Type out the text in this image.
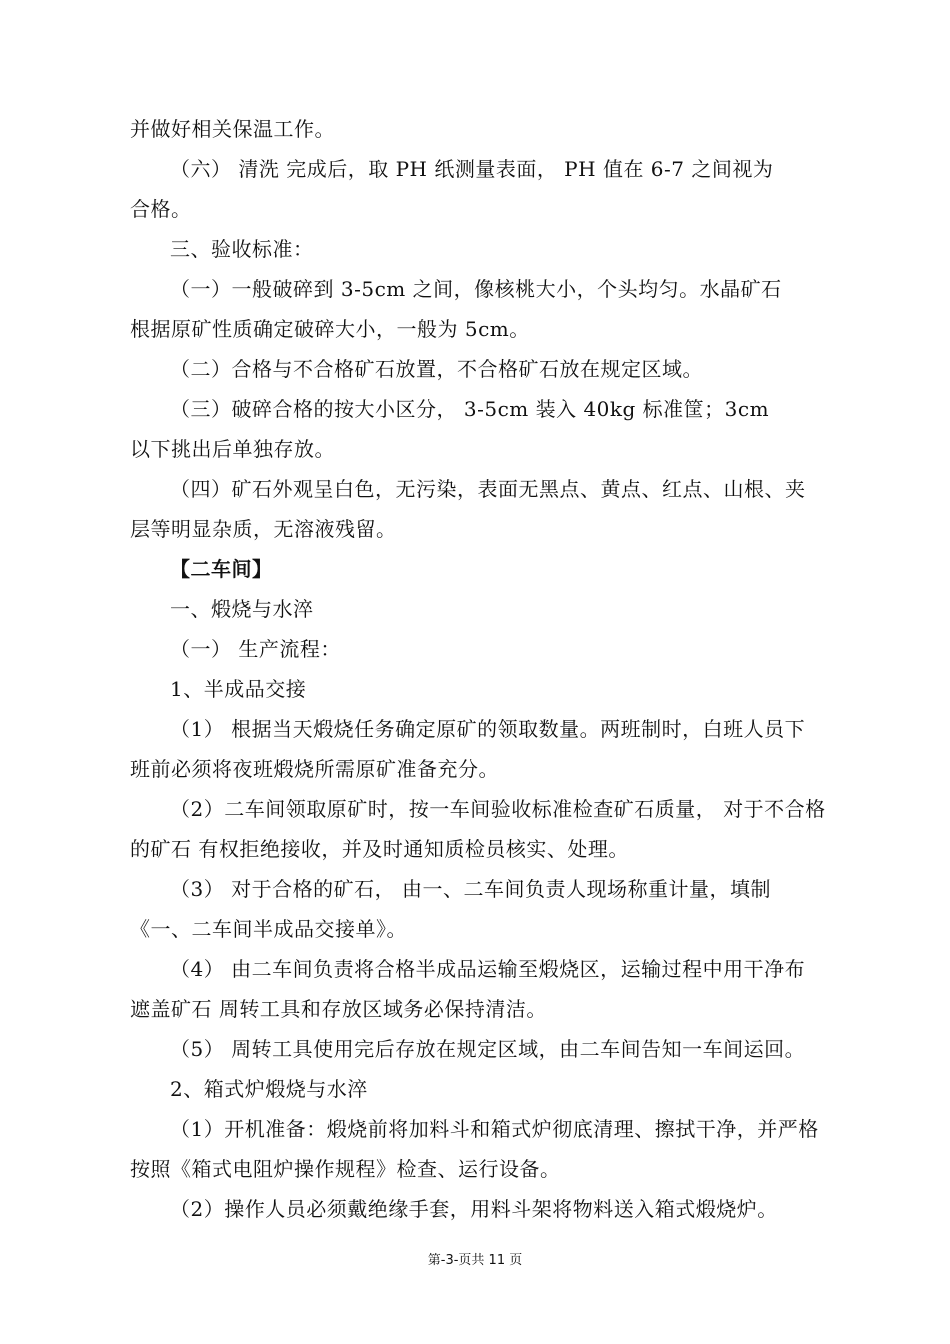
并做好相关保温工作。
（六） 清洗 完成后，取 PH 纸测量表面， PH 值在 6-7 之间视为
合格。
三、验收标准：
（一）一般破碎到 3-5cm 之间，像核桃大小，个头均匀。水晶矿石
根据原矿性质确定破碎大小，一般为 5cm。
（二）合格与不合格矿石放置，不合格矿石放在规定区域。
（三）破碎合格的按大小区分， 3-5cm 装入 40kg 标准筐；3cm
以下挑出后单独存放。
（四）矿石外观呈白色，无污染，表面无黑点、黄点、红点、山根、夹
层等明显杂质，无溶液残留。
【二车间】
一、煅烧与水淬
（一） 生产流程：
1、半成品交接
（1） 根据当天煅烧任务确定原矿的领取数量。两班制时，白班人员下
班前必须将夜班煅烧所需原矿准备充分。
（2）二车间领取原矿时，按一车间验收标准检查矿石质量， 对于不合格
的矿石 有权拒绝接收，并及时通知质检员核实、处理。
（3） 对于合格的矿石， 由一、二车间负责人现场称重计量，填制
《一、二车间半成品交接单》。
（4） 由二车间负责将合格半成品运输至煅烧区，运输过程中用干净布
遮盖矿石 周转工具和存放区域务必保持清洁。
（5） 周转工具使用完后存放在规定区域，由二车间告知一车间运回。
2、箱式炉煅烧与水淬
（1）开机准备：煅烧前将加料斗和箱式炉彻底清理、擦拭干净，并严格
按照《箱式电阻炉操作规程》检查、运行设备。
（2）操作人员必须戴绝缘手套，用料斗架将物料送入箱式煅烧炉。
第-3-页共 11 页
